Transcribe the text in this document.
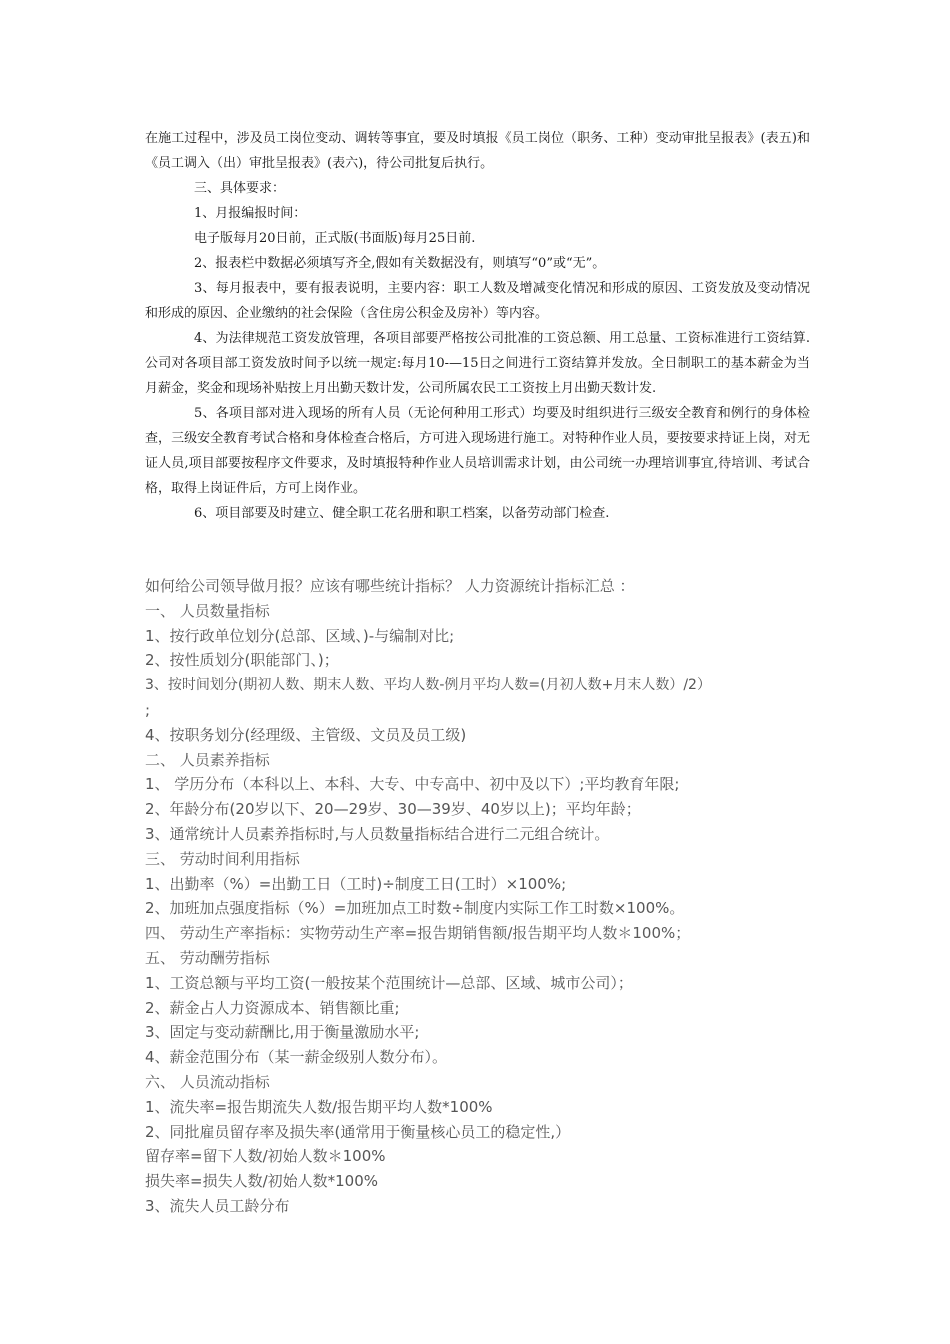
在施工过程中，涉及员工岗位变动、调转等事宜，要及时填报《员工岗位（职务、工种）变动审批呈报表》(表五)和《员工调入（出）审批呈报表》(表六)，待公司批复后执行。

三、具体要求：

1、月报编报时间：

电子版每月20日前，正式版(书面版)每月25日前.

2、报表栏中数据必须填写齐全,假如有关数据没有，则填写“0”或“无”。

3、每月报表中，要有报表说明，主要内容：职工人数及增减变化情况和形成的原因、工资发放及变动情况和形成的原因、企业缴纳的社会保险（含住房公积金及房补）等内容。

4、为法律规范工资发放管理，各项目部要严格按公司批准的工资总额、用工总量、工资标准进行工资结算.公司对各项目部工资发放时间予以统一规定:每月10-—15日之间进行工资结算并发放。全日制职工的基本薪金为当月薪金，奖金和现场补贴按上月出勤天数计发，公司所属农民工工资按上月出勤天数计发.

5、各项目部对进入现场的所有人员（无论何种用工形式）均要及时组织进行三级安全教育和例行的身体检查，三级安全教育考试合格和身体检查合格后，方可进入现场进行施工。对特种作业人员，要按要求持证上岗，对无证人员,项目部要按程序文件要求，及时填报特种作业人员培训需求计划，由公司统一办理培训事宜,待培训、考试合格，取得上岗证件后，方可上岗作业。

6、项目部要及时建立、健全职工花名册和职工档案，以备劳动部门检查.

如何给公司领导做月报？应该有哪些统计指标？ 人力资源统计指标汇总 ：
一、 人员数量指标
1、按行政单位划分(总部、区域、)-与编制对比;
2、按性质划分(职能部门、)；
3、按时间划分(期初人数、期末人数、平均人数-例月平均人数=(月初人数+月末人数）/2）
;
4、按职务划分(经理级、主管级、文员及员工级)
二、 人员素养指标
1、 学历分布（本科以上、本科、大专、中专高中、初中及以下）;平均教育年限;
2、年龄分布(20岁以下、20—29岁、30—39岁、40岁以上)；平均年龄；
3、通常统计人员素养指标时,与人员数量指标结合进行二元组合统计。
三、 劳动时间利用指标
1、出勤率（%）=出勤工日（工时)÷制度工日(工时）×100%;
2、加班加点强度指标（%）=加班加点工时数÷制度内实际工作工时数×100%。
四、 劳动生产率指标：实物劳动生产率=报告期销售额/报告期平均人数＊100%；
五、 劳动酬劳指标
1、工资总额与平均工资(一般按某个范围统计—总部、区域、城市公司）；
2、薪金占人力资源成本、销售额比重;
3、固定与变动薪酬比,用于衡量激励水平;
4、薪金范围分布（某一薪金级别人数分布）。
六、 人员流动指标
1、流失率=报告期流失人数/报告期平均人数*100%
2、同批雇员留存率及损失率(通常用于衡量核心员工的稳定性,）
留存率=留下人数/初始人数＊100%
损失率=损失人数/初始人数*100%
3、流失人员工龄分布
